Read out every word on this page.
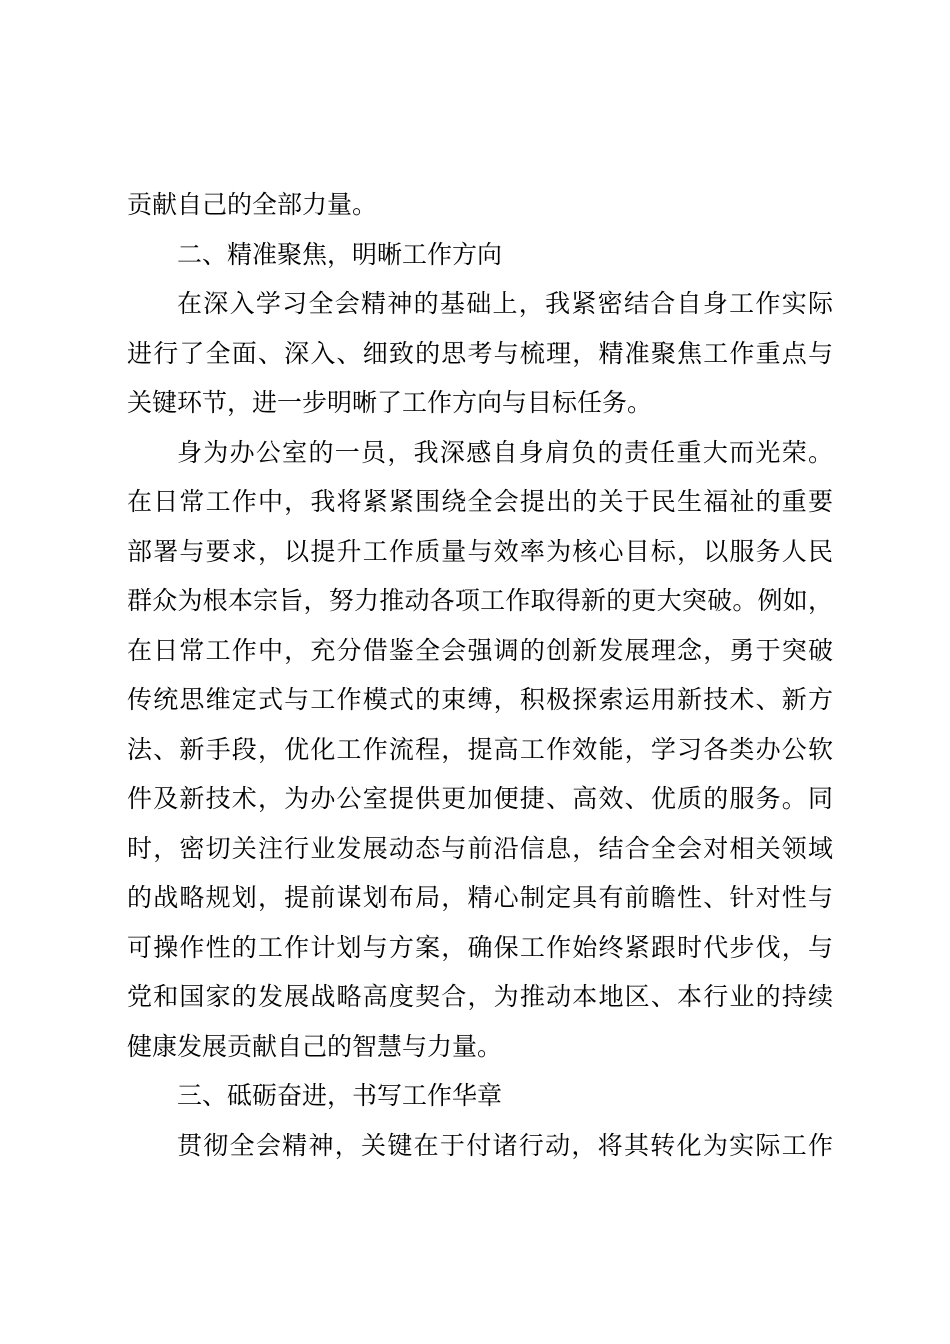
贡献自己的全部力量。
二、精准聚焦，明晰工作方向
在深入学习全会精神的基础上，我紧密结合自身工作实际
进行了全面、深入、细致的思考与梳理，精准聚焦工作重点与
关键环节，进一步明晰了工作方向与目标任务。
身为办公室的一员，我深感自身肩负的责任重大而光荣。
在日常工作中，我将紧紧围绕全会提出的关于民生福祉的重要
部署与要求，以提升工作质量与效率为核心目标，以服务人民
群众为根本宗旨，努力推动各项工作取得新的更大突破。例如，
在日常工作中，充分借鉴全会强调的创新发展理念，勇于突破
传统思维定式与工作模式的束缚，积极探索运用新技术、新方
法、新手段，优化工作流程，提高工作效能，学习各类办公软
件及新技术，为办公室提供更加便捷、高效、优质的服务。同
时，密切关注行业发展动态与前沿信息，结合全会对相关领域
的战略规划，提前谋划布局，精心制定具有前瞻性、针对性与
可操作性的工作计划与方案，确保工作始终紧跟时代步伐，与
党和国家的发展战略高度契合，为推动本地区、本行业的持续
健康发展贡献自己的智慧与力量。
三、砥砺奋进，书写工作华章
贯彻全会精神，关键在于付诸行动，将其转化为实际工作
